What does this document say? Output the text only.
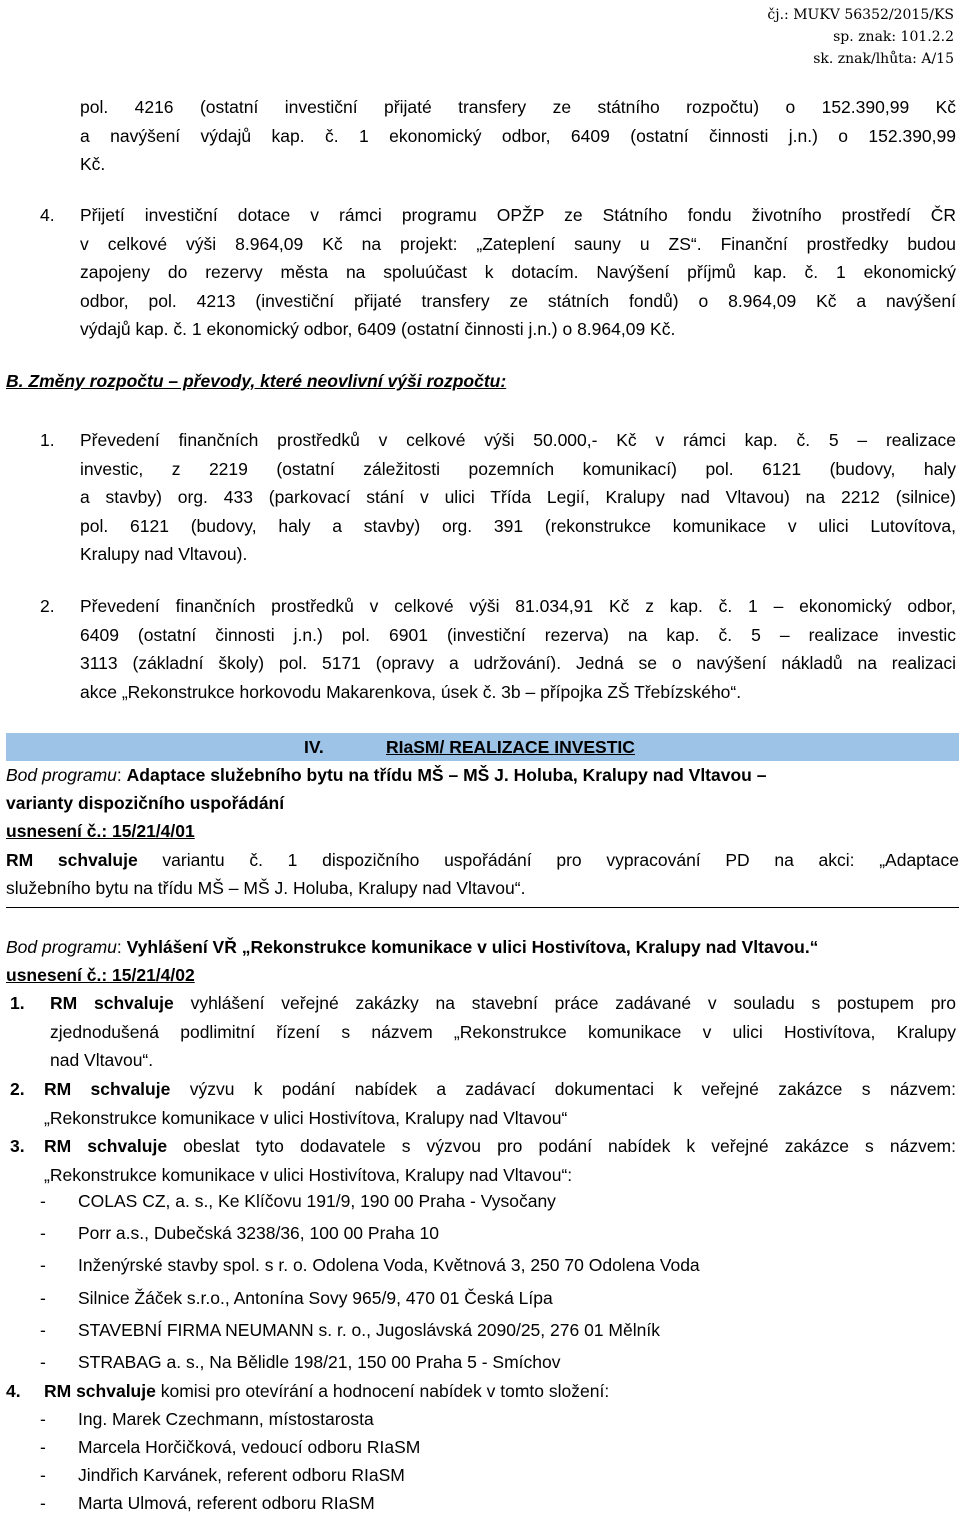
čj.: MUKV 56352/2015/KS
sp. znak: 101.2.2
sk. znak/lhůta: A/15
pol. 4216 (ostatní investiční přijaté transfery ze státního rozpočtu) o 152.390,99 Kč
a navýšení výdajů kap. č. 1 ekonomický odbor, 6409 (ostatní činnosti j.n.) o 152.390,99
Kč.
4. Přijetí investiční dotace v rámci programu OPŽP ze Státního fondu životního prostředí ČR
v celkové výši 8.964,09 Kč na projekt: „Zateplení sauny u ZS“. Finanční prostředky budou
zapojeny do rezervy města na spoluúčast k dotacím. Navýšení příjmů kap. č. 1 ekonomický
odbor, pol. 4213 (investiční přijaté transfery ze státních fondů) o 8.964,09 Kč a navýšení
výdajů kap. č. 1 ekonomický odbor, 6409 (ostatní činnosti j.n.) o 8.964,09 Kč.
B. Změny rozpočtu – převody, které neovlivní výši rozpočtu:
1. Převedení finančních prostředků v celkové výši 50.000,- Kč v rámci kap. č. 5 – realizace
investic, z 2219 (ostatní záležitosti pozemních komunikací) pol. 6121 (budovy, haly
a stavby) org. 433 (parkovací stání v ulici Třída Legií, Kralupy nad Vltavou) na 2212 (silnice)
pol. 6121 (budovy, haly a stavby) org. 391 (rekonstrukce komunikace v ulici Lutovítova,
Kralupy nad Vltavou).
2. Převedení finančních prostředků v celkové výši 81.034,91 Kč z kap. č. 1 – ekonomický odbor,
6409 (ostatní činnosti j.n.) pol. 6901 (investiční rezerva) na kap. č. 5 – realizace investic
3113 (základní školy) pol. 5171 (opravy a udržování). Jedná se o navýšení nákladů na realizaci
akce „Rekonstrukce horkovodu Makarenkova, úsek č. 3b – přípojka ZŠ Třebízského“.
IV.	RIaSM/ REALIZACE INVESTIC
Bod programu: Adaptace služebního bytu na třídu MŠ – MŠ J. Holuba, Kralupy nad Vltavou –
varianty dispozičního uspořádání
usnesení č.: 15/21/4/01
RM schvaluje variantu č. 1 dispozičního uspořádání pro vypracování PD na akci: „Adaptace
služebního bytu na třídu MŠ – MŠ J. Holuba, Kralupy nad Vltavou“.
Bod programu: Vyhlášení VŘ „Rekonstrukce komunikace v ulici Hostivítova, Kralupy nad Vltavou.“
usnesení č.: 15/21/4/02
1. RM schvaluje vyhlášení veřejné zakázky na stavební práce zadávané v souladu s postupem pro
zjednodušená podlimitní řízení s názvem „Rekonstrukce komunikace v ulici Hostivítova, Kralupy
nad Vltavou“.
2. RM schvaluje výzvu k podání nabídek a zadávací dokumentaci k veřejné zakázce s názvem:
„Rekonstrukce komunikace v ulici Hostivítova, Kralupy nad Vltavou“
3. RM schvaluje obeslat tyto dodavatele s výzvou pro podání nabídek k veřejné zakázce s názvem:
„Rekonstrukce komunikace v ulici Hostivítova, Kralupy nad Vltavou“:
- COLAS CZ, a. s., Ke Klíčovu 191/9, 190 00 Praha - Vysočany
- Porr a.s., Dubečská 3238/36, 100 00 Praha 10
- Inženýrské stavby spol. s r. o. Odolena Voda, Květnová 3, 250 70 Odolena Voda
- Silnice Žáček s.r.o., Antonína Sovy 965/9, 470 01 Česká Lípa
- STAVEBNÍ FIRMA NEUMANN s. r. o., Jugoslávská 2090/25, 276 01 Mělník
- STRABAG a. s., Na Bělidle 198/21, 150 00 Praha 5 - Smíchov
4. RM schvaluje komisi pro otevírání a hodnocení nabídek v tomto složení:
- Ing. Marek Czechmann, místostarosta
- Marcela Horčičková, vedoucí odboru RIaSM
- Jindřich Karvánek, referent odboru RIaSM
- Marta Ulmová, referent odboru RIaSM
